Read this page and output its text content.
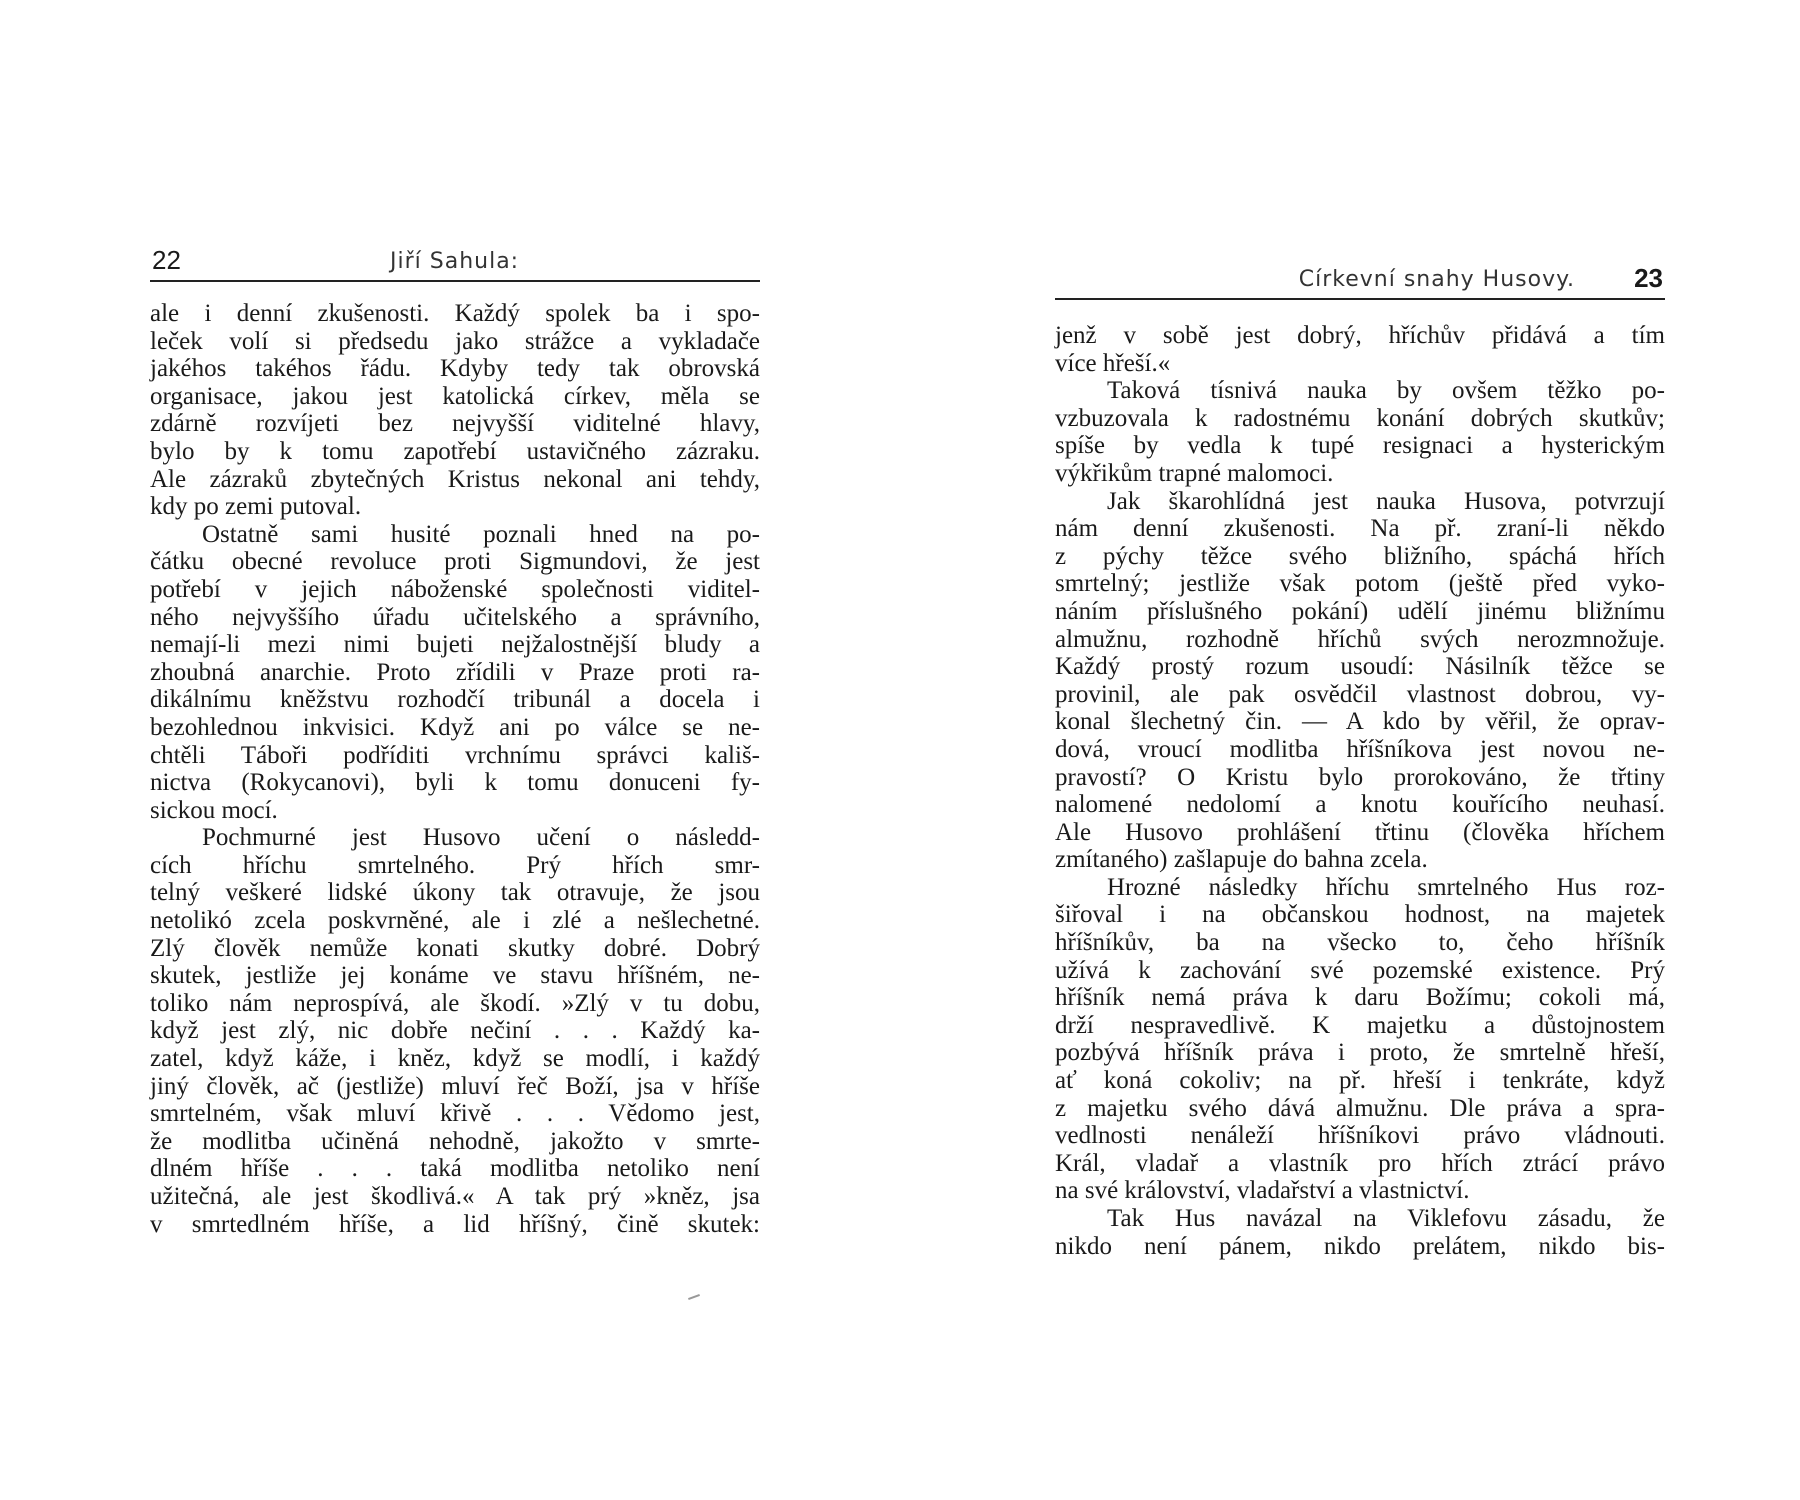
22	Jiří Sahula:
ale i denní zkušenosti. Každý spolek ba i spo-
leček volí si předsedu jako strážce a vykladače
jakéhos takéhos řádu. Kdyby tedy tak obrovská
organisace, jakou jest katolická církev, měla se
zdárně rozvíjeti bez nejvyšší viditelné hlavy,
bylo by k tomu zapotřebí ustavičného zázraku.
Ale zázraků zbytečných Kristus nekonal ani tehdy,
kdy po zemi putoval.
Ostatně sami husité poznali hned na po-
čátku obecné revoluce proti Sigmundovi, že jest
potřebí v jejich náboženské společnosti viditel-
ného nejvyššího úřadu učitelského a správního,
nemají-li mezi nimi bujeti nejžalostnější bludy a
zhoubná anarchie. Proto zřídili v Praze proti ra-
dikálnímu kněžstvu rozhodčí tribunál a docela i
bezohlednou inkvisici. Když ani po válce se ne-
chtěli Táboři podříditi vrchnímu správci kališ-
nictva (Rokycanovi), byli k tomu donuceni fy-
sickou mocí.
Pochmurné jest Husovo učení o následd-
cích hříchu smrtelného. Prý hřích smr-
telný veškeré lidské úkony tak otravuje, že jsou
netolikó zcela poskvrněné, ale i zlé a nešlechetné.
Zlý člověk nemůže konati skutky dobré. Dobrý
skutek, jestliže jej konáme ve stavu hříšném, ne-
toliko nám neprospívá, ale škodí. »Zlý v tu dobu,
když jest zlý, nic dobře nečiní . . . Každý ka-
zatel, když káže, i kněz, když se modlí, i každý
jiný člověk, ač (jestliže) mluví řeč Boží, jsa v hříše
smrtelném, však mluví křivě . . . Vědomo jest,
že modlitba učiněná nehodně, jakožto v smrte-
dlném hříše . . . taká modlitba netoliko není
užitečná, ale jest škodlivá.« A tak prý »kněz, jsa
v smrtedlném hříše, a lid hříšný, čině skutek:
Církevní snahy Husovy. 23
jenž v sobě jest dobrý, hříchův přidává a tím
více hřeší.«
Taková tísnivá nauka by ovšem těžko po-
vzbuzovala k radostnému konání dobrých skutkův;
spíše by vedla k tupé resignaci a hysterickým
výkřikům trapné malomoci.
Jak škarohlídná jest nauka Husova, potvrzují
nám denní zkušenosti. Na př. zraní-li někdo
z pýchy těžce svého bližního, spáchá hřích
smrtelný; jestliže však potom (ještě před vyko-
náním příslušného pokání) udělí jinému bližnímu
almužnu, rozhodně hříchů svých nerozmnožuje.
Každý prostý rozum usoudí: Násilník těžce se
provinil, ale pak osvědčil vlastnost dobrou, vy-
konal šlechetný čin. — A kdo by věřil, že oprav-
dová, vroucí modlitba hříšníkova jest novou ne-
pravostí? O Kristu bylo prorokováno, že třtiny
nalomené nedolomí a knotu kouřícího neuhasí.
Ale Husovo prohlášení třtinu (člověka hříchem
zmítaného) zašlapuje do bahna zcela.
Hrozné následky hříchu smrtelného Hus roz-
šiřoval i na občanskou hodnost, na majetek
hříšníkův, ba na všecko to, čeho hříšník
užívá k zachování své pozemské existence. Prý
hříšník nemá práva k daru Božímu; cokoli má,
drží nespravedlivě. K majetku a důstojnostem
pozbývá hříšník práva i proto, že smrtelně hřeší,
ať koná cokoliv; na př. hřeší i tenkráte, když
z majetku svého dává almužnu. Dle práva a spra-
vedlnosti nenáleží hříšníkovi právo vládnouti.
Král, vladař a vlastník pro hřích ztrácí právo
na své království, vladařství a vlastnictví.
Tak Hus navázal na Viklefovu zásadu, že
nikdo není pánem, nikdo prelátem, nikdo bis-
